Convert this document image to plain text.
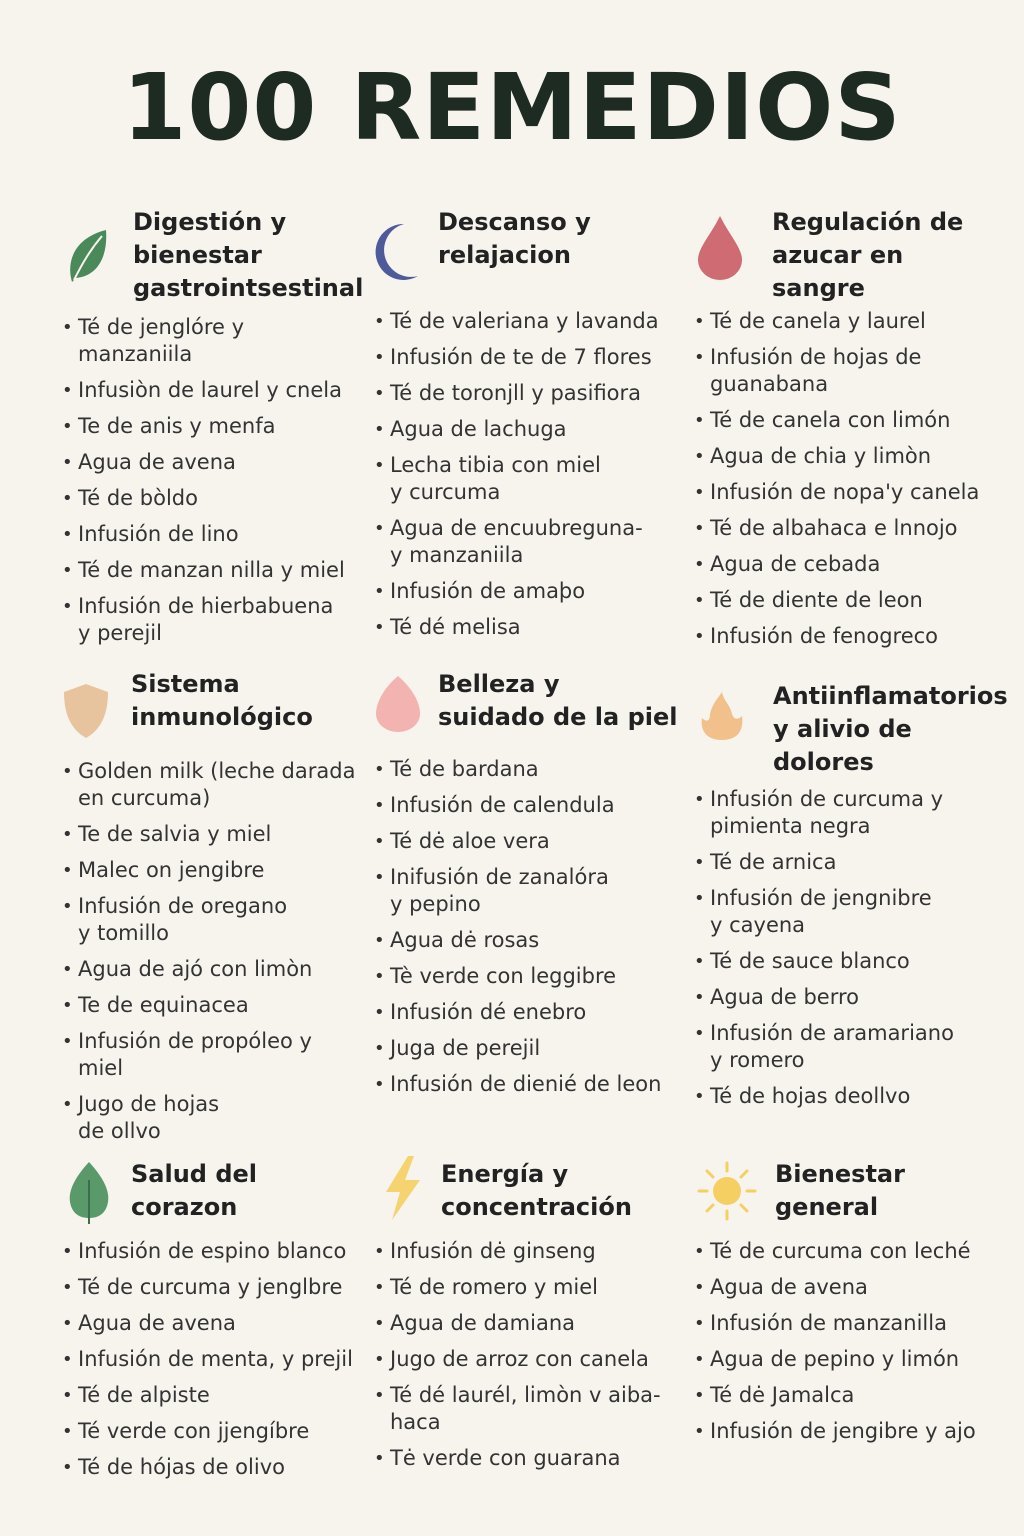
100 REMEDIOS
Digestión y
bienestar
gastrointsestinal
• Té de jenglóre y
manzaniila
• Infusiòn de laurel y cnela
• Te de anis y menfa
• Agua de avena
• Té de bòldo
• Infusión de lino
• Té de manzan nilla y miel
• Infusión de hierbabuena
y perejil
Descanso y
relajacion
• Té de valeriana y lavanda
• Infusión de te de 7 flores
• Té de toronjll y pasifiora
• Agua de lachuga
• Lecha tibia con miel
y curcuma
• Agua de encuubreguna-
y manzaniila
• Infusión de amaþo
• Té dé melisa
Regulación de
azucar en sangre
• Té de canela y laurel
• Infusión de hojas de
guanabana
• Té de canela con limón
• Agua de chia y limòn
• Infusión de nopa'y canela
• Té de albahaca e lnnojo
• Agua de cebada
• Té de diente de leon
• Infusión de fenogreco
Sistema
inmunológico
• Golden milk (leche darada
en curcuma)
• Te de salvia y miel
• Malec on jengibre
• Infusión de oregano
y tomillo
• Agua de ajó con limòn
• Te de equinacea
• Infusión de propóleo y miel
• Jugo de hojas
de ollvo
Belleza y
suidado de la piel
• Té de bardana
• Infusión de calendula
• Té dė aloe vera
• Inifusión de zanalóra
y pepino
• Agua dė rosas
• Tè verde con leggibre
• Infusión dé enebro
• Juga de perejil
• Infusión de dienié de leon
Antiinflamatorios
y alivio de
dolores
• Infusión de curcuma y
pimienta negra
• Té de arnica
• Infusión de jengnibre
y cayena
• Té de sauce blanco
• Agua de berro
• Infusión de aramariano
y romero
• Té de hojas deollvo
Salud del
corazon
• Infusión de espino blanco
• Té de curcuma y jenglbre
• Agua de avena
• Infusión de menta, y prejil
• Té de alpiste
• Té verde con jjengíbre
• Té de hójas de olivo
Energía y
concentración
• Infusión dė ginseng
• Té de romero y miel
• Agua de damiana
• Jugo de arroz con canela
• Té dé laurél, limòn v aiba-
haca
• Tė verde con guarana
Bienestar
general
• Té de curcuma con leché
• Agua de avena
• Infusión de manzanilla
• Agua de pepino y limón
• Té dė Jamalca
• Infusión de jengibre y ajo
